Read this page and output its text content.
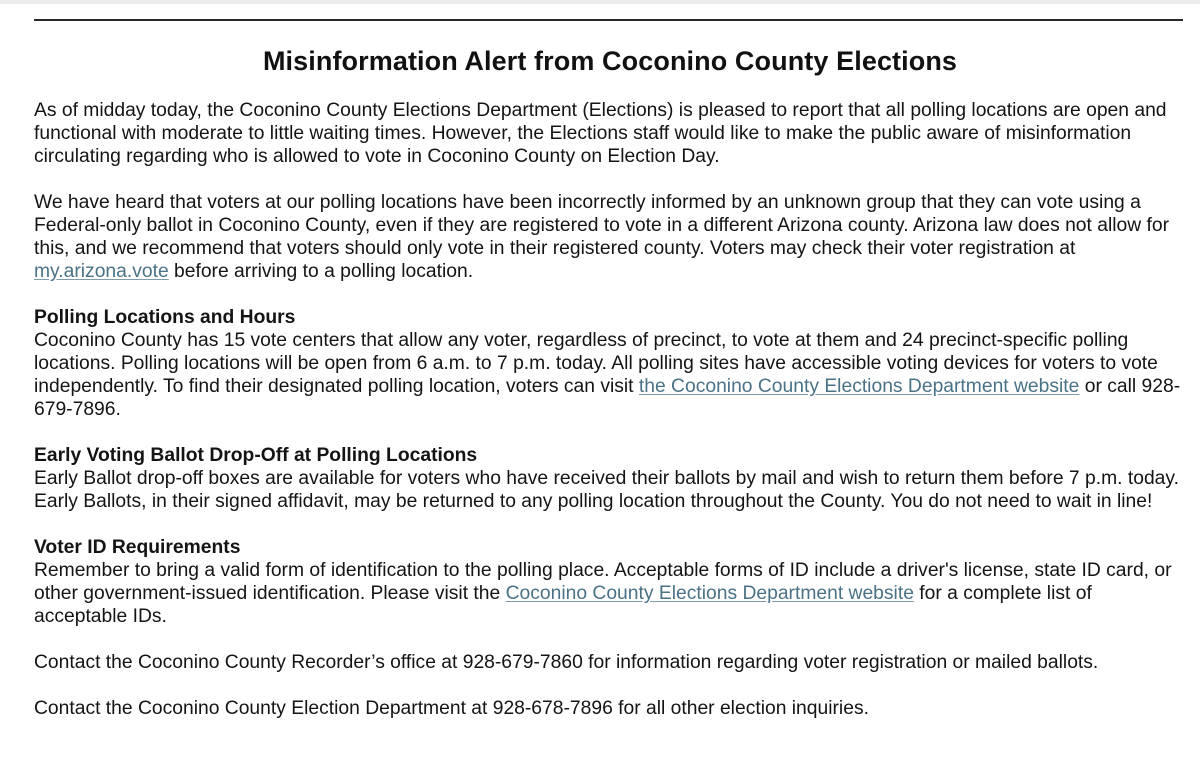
Misinformation Alert from Coconino County Elections

As of midday today, the Coconino County Elections Department (Elections) is pleased to report that all polling locations are open and functional with moderate to little waiting times. However, the Elections staff would like to make the public aware of misinformation circulating regarding who is allowed to vote in Coconino County on Election Day.

We have heard that voters at our polling locations have been incorrectly informed by an unknown group that they can vote using a Federal-only ballot in Coconino County, even if they are registered to vote in a different Arizona county. Arizona law does not allow for this, and we recommend that voters should only vote in their registered county. Voters may check their voter registration at my.arizona.vote before arriving to a polling location.

Polling Locations and Hours
Coconino County has 15 vote centers that allow any voter, regardless of precinct, to vote at them and 24 precinct-specific polling locations. Polling locations will be open from 6 a.m. to 7 p.m. today. All polling sites have accessible voting devices for voters to vote independently. To find their designated polling location, voters can visit the Coconino County Elections Department website or call 928-679-7896.

Early Voting Ballot Drop-Off at Polling Locations
Early Ballot drop-off boxes are available for voters who have received their ballots by mail and wish to return them before 7 p.m. today. Early Ballots, in their signed affidavit, may be returned to any polling location throughout the County. You do not need to wait in line!

Voter ID Requirements
Remember to bring a valid form of identification to the polling place. Acceptable forms of ID include a driver's license, state ID card, or other government-issued identification. Please visit the Coconino County Elections Department website for a complete list of acceptable IDs.

Contact the Coconino County Recorder’s office at 928-679-7860 for information regarding voter registration or mailed ballots.

Contact the Coconino County Election Department at 928-678-7896 for all other election inquiries.
